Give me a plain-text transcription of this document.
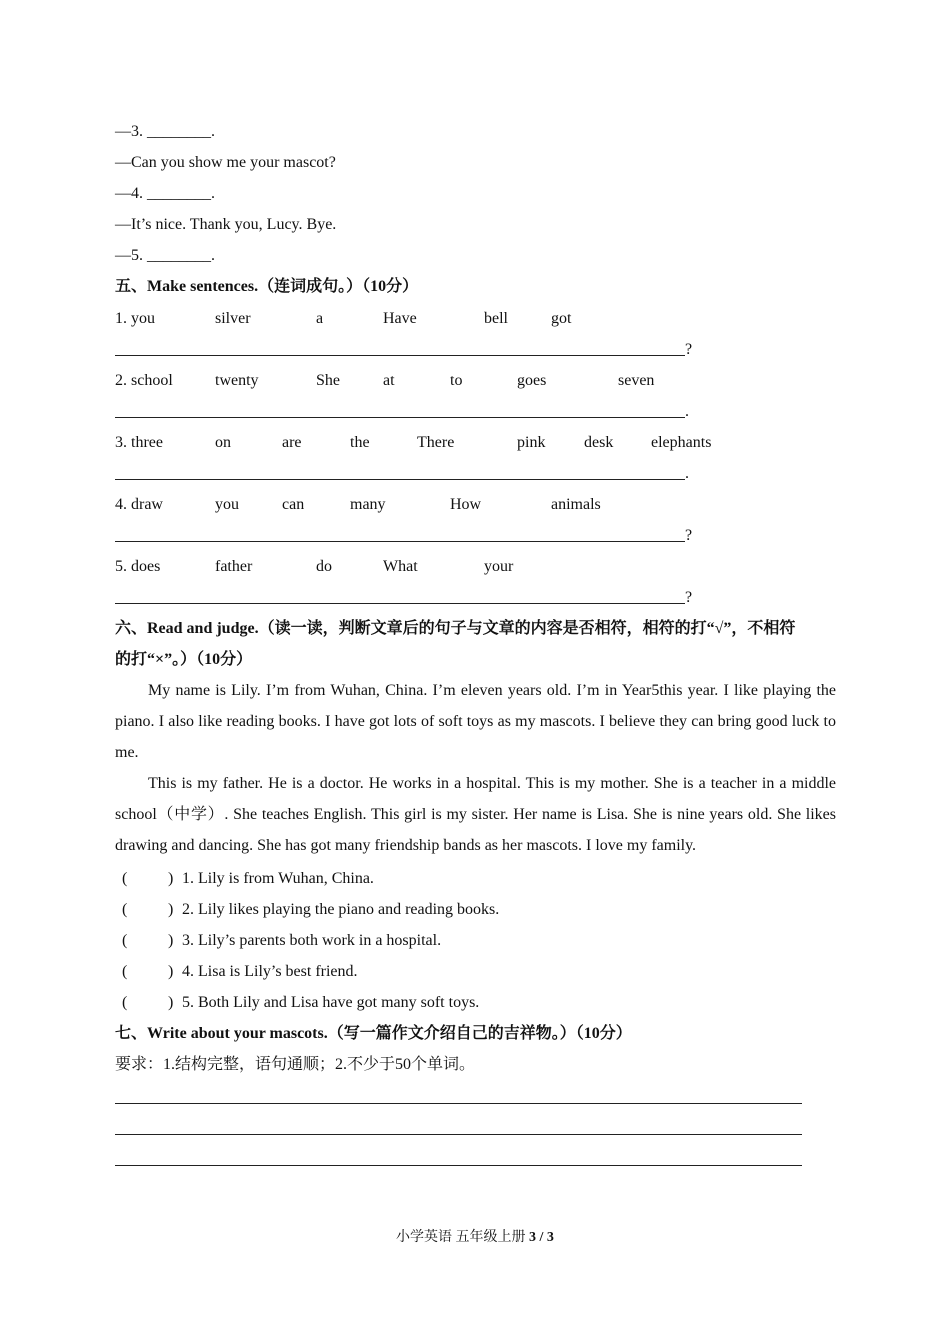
—3. ________.
—Can you show me your mascot?
—4. ________.
—It’s nice. Thank you, Lucy. Bye.
—5. ________.
五、Make sentences.（连词成句。）（10分）
1. you	silver	a	Have	bell	got
?
2. school	twenty	She	at	to	goes	seven
.
3. three	on	are	the	There	pink desk elephants
.
4. draw	you	can	many	How	animals
?
5. does	father	do	What	your
?
六、Read and judge.（读一读，判断文章后的句子与文章的内容是否相符，相符的打“√”，不相符
的打“×”。）（10分）
My name is Lily. I’m from Wuhan, China. I’m eleven years old. I’m in Year5this year. I like playing the piano. I also like reading books. I have got lots of soft toys as my mascots. I believe they can bring good luck to me.
This is my father. He is a doctor. He works in a hospital. This is my mother. She is a teacher in a middle school（中学）. She teaches English. This girl is my sister. Her name is Lisa. She is nine years old. She likes drawing and dancing. She has got many friendship bands as her mascots. I love my family.
(	) 1. Lily is from Wuhan, China.
(	) 2. Lily likes playing the piano and reading books.
(	) 3. Lily’s parents both work in a hospital.
(	) 4. Lisa is Lily’s best friend.
(	) 5. Both Lily and Lisa have got many soft toys.
七、Write about your mascots.（写一篇作文介绍自己的吉祥物。）（10分）
要求：1.结构完整，语句通顺；2.不少于50个单词。
小学英语 五年级上册 3 / 3
